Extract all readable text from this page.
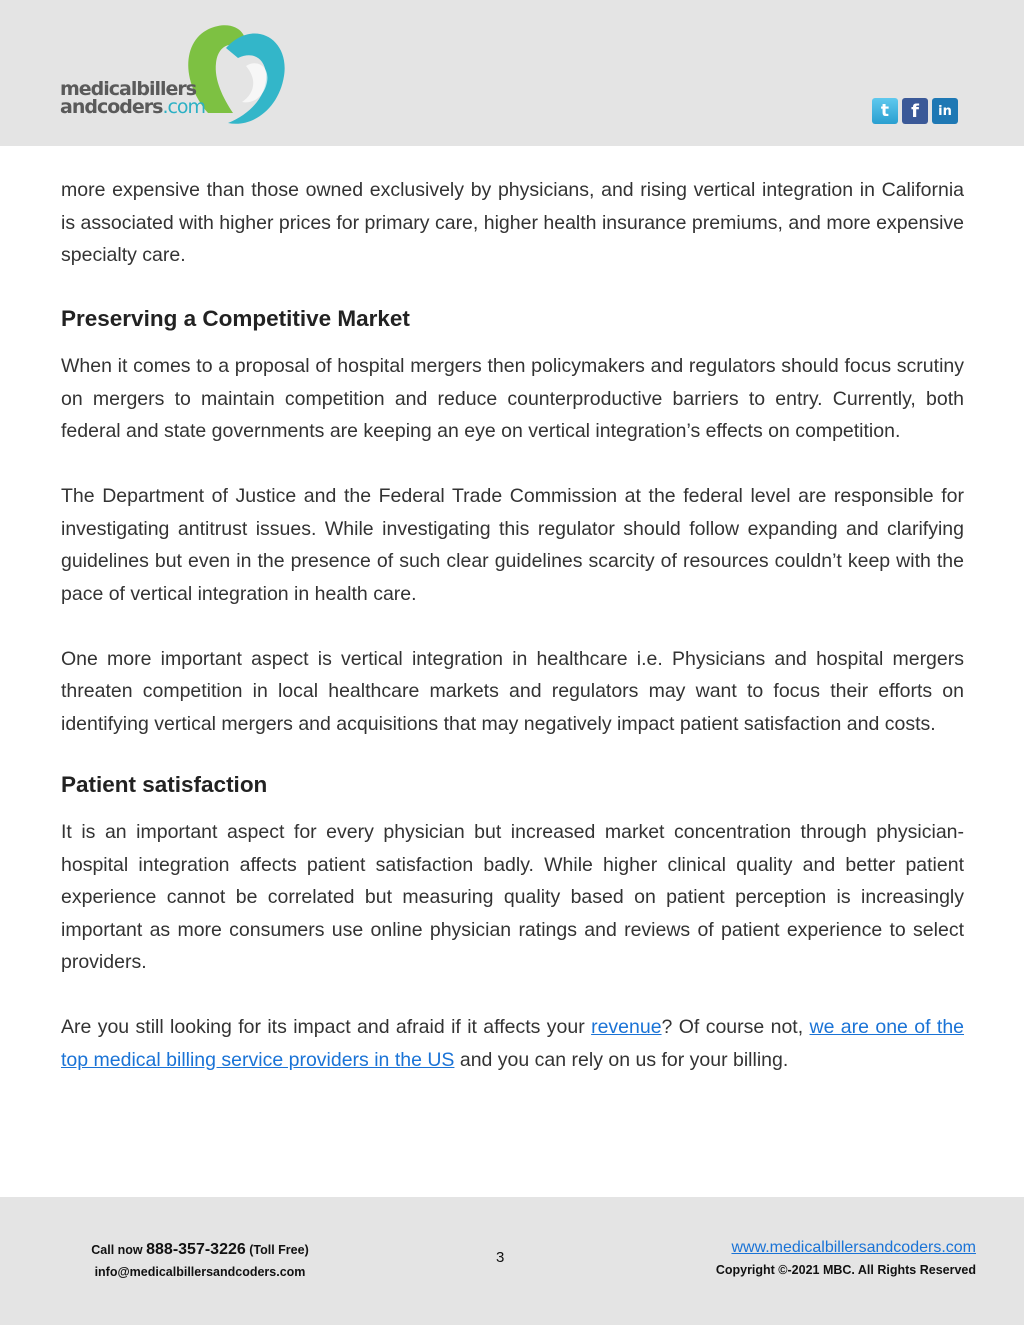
medicalbillers
andcoders.com	t	f	in

more expensive than those owned exclusively by physicians, and rising vertical integration in California is associated with higher prices for primary care, higher health insurance premiums, and more expensive specialty care.

Preserving a Competitive Market

When it comes to a proposal of hospital mergers then policymakers and regulators should focus scrutiny on mergers to maintain competition and reduce counterproductive barriers to entry. Currently, both federal and state governments are keeping an eye on vertical integration’s effects on competition.

The Department of Justice and the Federal Trade Commission at the federal level are responsible for investigating antitrust issues. While investigating this regulator should follow expanding and clarifying guidelines but even in the presence of such clear guidelines scarcity of resources couldn’t keep with the pace of vertical integration in health care.

One more important aspect is vertical integration in healthcare i.e. Physicians and hospital mergers threaten competition in local healthcare markets and regulators may want to focus their efforts on identifying vertical mergers and acquisitions that may negatively impact patient satisfaction and costs.

Patient satisfaction

It is an important aspect for every physician but increased market concentration through physician-hospital integration affects patient satisfaction badly. While higher clinical quality and better patient experience cannot be correlated but measuring quality based on patient perception is increasingly important as more consumers use online physician ratings and reviews of patient experience to select providers.

Are you still looking for its impact and afraid if it affects your revenue? Of course not, we are one of the top medical billing service providers in the US and you can rely on us for your billing.

Call now 888-357-3226 (Toll Free)
info@medicalbillersandcoders.com
3
www.medicalbillersandcoders.com
Copyright ©-2021 MBC. All Rights Reserved
